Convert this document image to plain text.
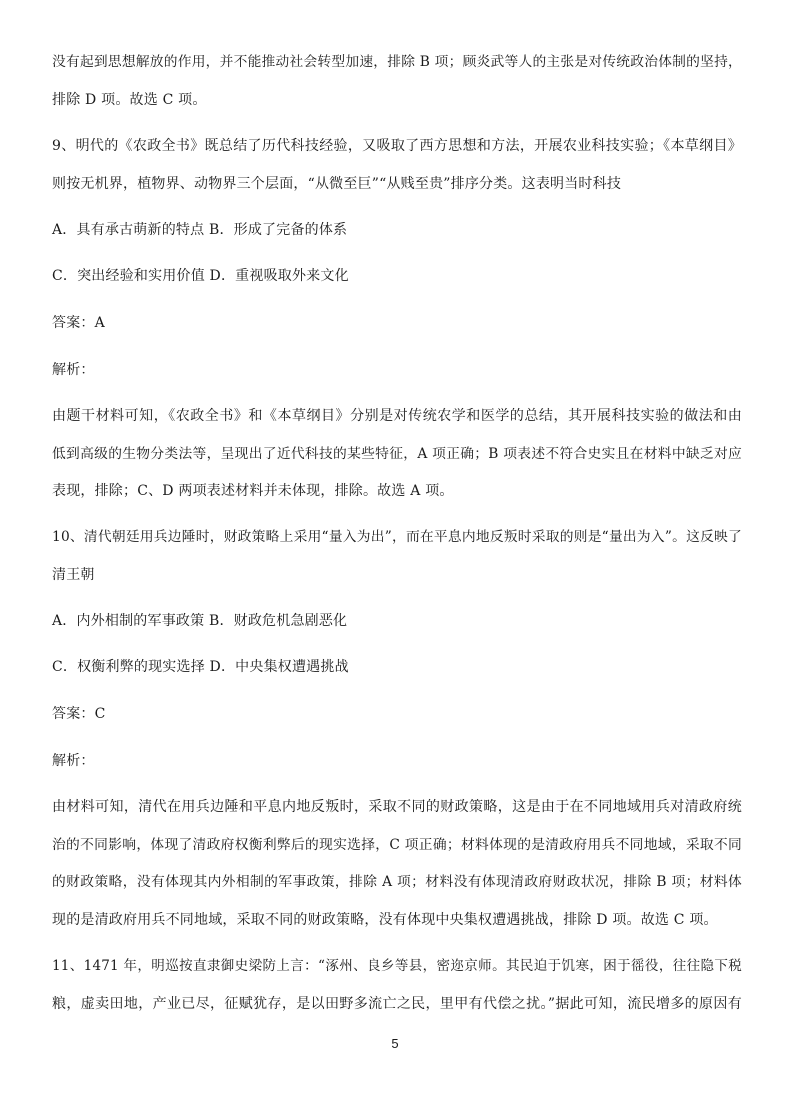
没有起到思想解放的作用，并不能推动社会转型加速，排除 B 项；顾炎武等人的主张是对传统政治体制的坚持，
排除 D 项。故选 C 项。
9、明代的《农政全书》既总结了历代科技经验，又吸取了西方思想和方法，开展农业科技实验；《本草纲目》
则按无机界，植物界、动物界三个层面，“从微至巨”“从贱至贵”排序分类。这表明当时科技
A．具有承古萌新的特点 B．形成了完备的体系
C．突出经验和实用价值 D．重视吸取外来文化
答案：A
解析：
由题干材料可知，《农政全书》和《本草纲目》分别是对传统农学和医学的总结，其开展科技实验的做法和由
低到高级的生物分类法等，呈现出了近代科技的某些特征，A 项正确；B 项表述不符合史实且在材料中缺乏对应
表现，排除；C、D 两项表述材料并未体现，排除。故选 A 项。
10、清代朝廷用兵边陲时，财政策略上采用“量入为出”，而在平息内地反叛时采取的则是“量出为入”。这反映了
清王朝
A．内外相制的军事政策 B．财政危机急剧恶化
C．权衡利弊的现实选择 D．中央集权遭遇挑战
答案：C
解析：
由材料可知，清代在用兵边陲和平息内地反叛时，采取不同的财政策略，这是由于在不同地域用兵对清政府统
治的不同影响，体现了清政府权衡利弊后的现实选择，C 项正确；材料体现的是清政府用兵不同地域，采取不同
的财政策略，没有体现其内外相制的军事政策，排除 A 项；材料没有体现清政府财政状况，排除 B 项；材料体
现的是清政府用兵不同地域，采取不同的财政策略，没有体现中央集权遭遇挑战，排除 D 项。故选 C 项。
11、1471 年，明巡按直隶御史梁防上言：“涿州、良乡等县，密迩京师。其民迫于饥寒，困于徭役，往往隐下税
粮，虚卖田地，产业已尽，征赋犹存，是以田野多流亡之民，里甲有代偿之扰。”据此可知，流民增多的原因有
5
